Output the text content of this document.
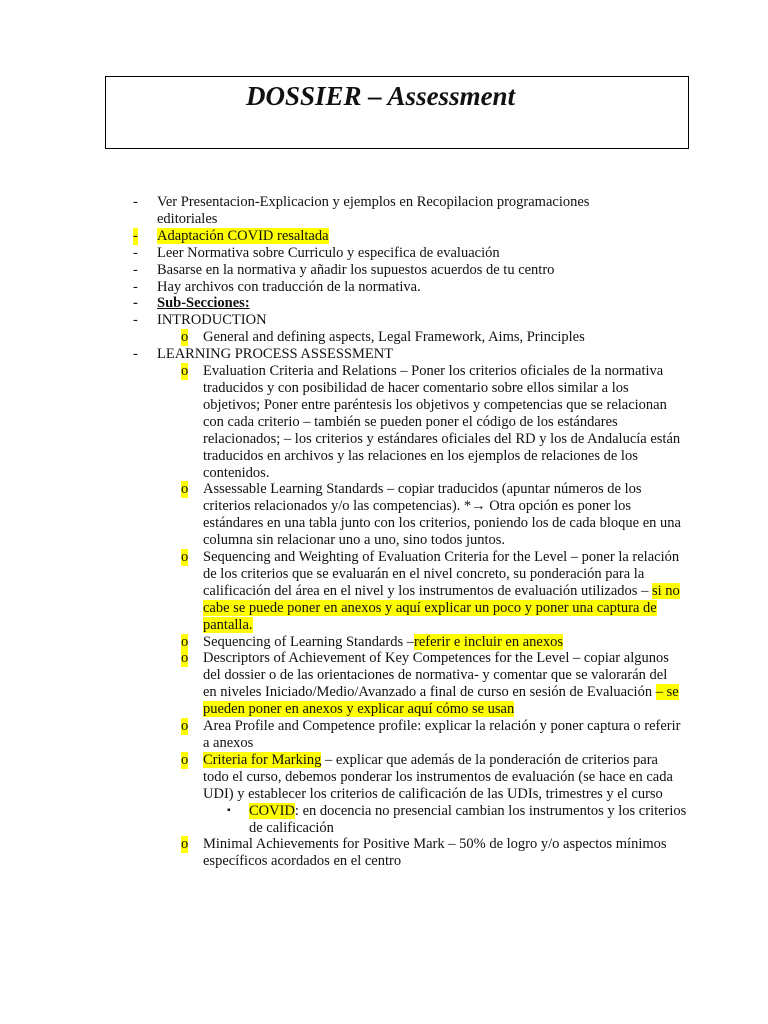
DOSSIER – Assessment
- Ver Presentacion-Explicacion y ejemplos en Recopilacion programaciones editoriales
- Adaptación COVID resaltada
- Leer Normativa sobre Curriculo y especifica de evaluación
- Basarse en la normativa y añadir los supuestos acuerdos de tu centro
- Hay archivos con traducción de la normativa.
- Sub-Secciones:
- INTRODUCTION
o General and defining aspects, Legal Framework, Aims, Principles
- LEARNING PROCESS ASSESSMENT
o Evaluation Criteria and Relations – Poner los criterios oficiales de la normativa traducidos y con posibilidad de hacer comentario sobre ellos similar a los objetivos; Poner entre paréntesis los objetivos y competencias que se relacionan con cada criterio – también se pueden poner el código de los estándares relacionados; – los criterios y estándares oficiales del RD y los de Andalucía están traducidos en archivos y las relaciones en los ejemplos de relaciones de los contenidos.
o Assessable Learning Standards – copiar traducidos (apuntar números de los criterios relacionados y/o las competencias). *→ Otra opción es poner los estándares en una tabla junto con los criterios, poniendo los de cada bloque en una columna sin relacionar uno a uno, sino todos juntos.
o Sequencing and Weighting of Evaluation Criteria for the Level – poner la relación de los criterios que se evaluarán en el nivel concreto, su ponderación para la calificación del área en el nivel y los instrumentos de evaluación utilizados – si no cabe se puede poner en anexos y aquí explicar un poco y poner una captura de pantalla.
o Sequencing of Learning Standards –referir e incluir en anexos
o Descriptors of Achievement of Key Competences for the Level – copiar algunos del dossier o de las orientaciones de normativa- y comentar que se valorarán del en niveles Iniciado/Medio/Avanzado a final de curso en sesión de Evaluación – se pueden poner en anexos y explicar aquí cómo se usan
o Area Profile and Competence profile: explicar la relación y poner captura o referir a anexos
o Criteria for Marking – explicar que además de la ponderación de criterios para todo el curso, debemos ponderar los instrumentos de evaluación (se hace en cada UDI) y establecer los criterios de calificación de las UDIs, trimestres y el curso
▪ COVID: en docencia no presencial cambian los instrumentos y los criterios de calificación
o Minimal Achievements for Positive Mark – 50% de logro y/o aspectos mínimos específicos acordados en el centro
